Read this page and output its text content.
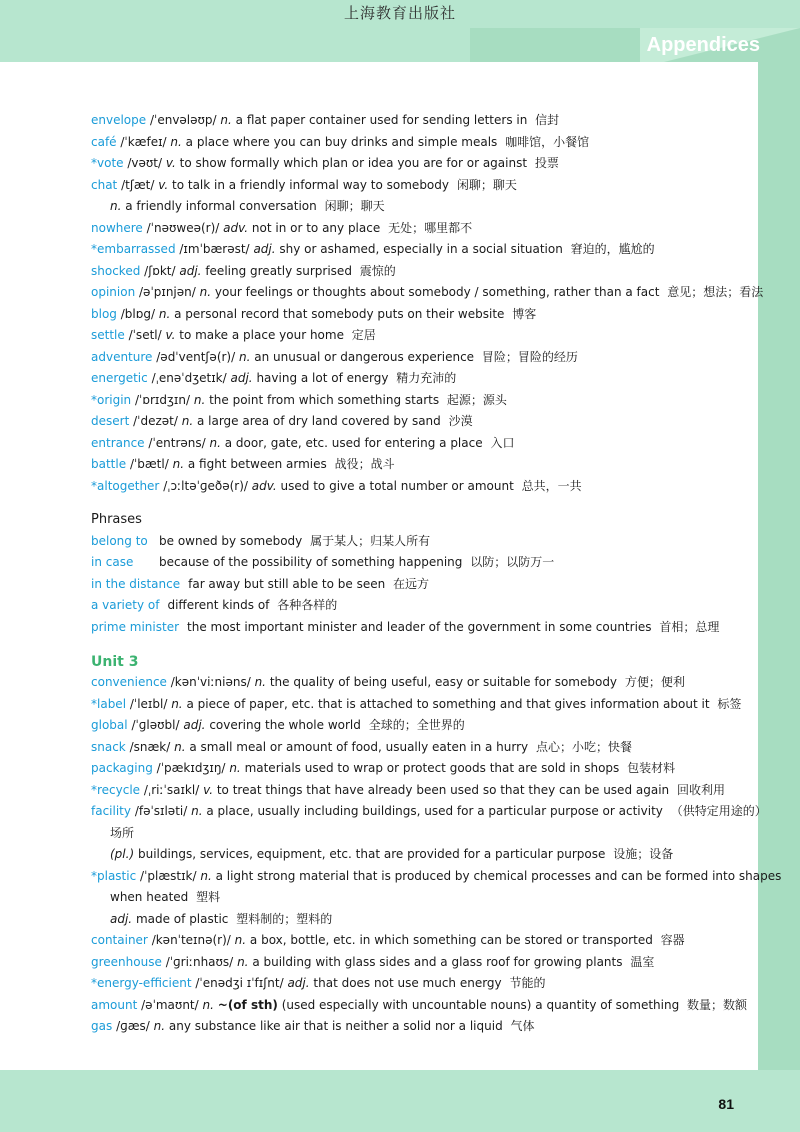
上海教育出版社
Appendices
envelope /ˈenvələʊp/ n. a flat paper container used for sending letters in 信封
café /ˈkæfeɪ/ n. a place where you can buy drinks and simple meals 咖啡馆，小餐馆
*vote /vəʊt/ v. to show formally which plan or idea you are for or against 投票
chat /tʃæt/ v. to talk in a friendly informal way to somebody 闲聊；聊天
n. a friendly informal conversation 闲聊；聊天
nowhere /ˈnəʊweə(r)/ adv. not in or to any place 无处；哪里都不
*embarrassed /ɪmˈbærəst/ adj. shy or ashamed, especially in a social situation 窘迫的，尴尬的
shocked /ʃɒkt/ adj. feeling greatly surprised 震惊的
opinion /əˈpɪnjən/ n. your feelings or thoughts about somebody / something, rather than a fact 意见；想法；看法
blog /blɒg/ n. a personal record that somebody puts on their website 博客
settle /ˈsetl/ v. to make a place your home 定居
adventure /ədˈventʃə(r)/ n. an unusual or dangerous experience 冒险；冒险的经历
energetic /ˌenəˈdʒetɪk/ adj. having a lot of energy 精力充沛的
*origin /ˈɒrɪdʒɪn/ n. the point from which something starts 起源；源头
desert /ˈdezət/ n. a large area of dry land covered by sand 沙漠
entrance /ˈentrəns/ n. a door, gate, etc. used for entering a place 入口
battle /ˈbætl/ n. a fight between armies 战役；战斗
*altogether /ˌɔːltəˈɡeðə(r)/ adv. used to give a total number or amount 总共，一共
Phrases
belong to be owned by somebody 属于某人；归某人所有
in case because of the possibility of something happening 以防；以防万一
in the distance far away but still able to be seen 在远方
a variety of different kinds of 各种各样的
prime minister the most important minister and leader of the government in some countries 首相；总理
Unit 3
convenience /kənˈviːniəns/ n. the quality of being useful, easy or suitable for somebody 方便；便利
*label /ˈleɪbl/ n. a piece of paper, etc. that is attached to something and that gives information about it 标签
global /ˈɡləʊbl/ adj. covering the whole world 全球的；全世界的
snack /snæk/ n. a small meal or amount of food, usually eaten in a hurry 点心；小吃；快餐
packaging /ˈpækɪdʒɪŋ/ n. materials used to wrap or protect goods that are sold in shops 包装材料
*recycle /ˌriːˈsaɪkl/ v. to treat things that have already been used so that they can be used again 回收利用
facility /fəˈsɪləti/ n. a place, usually including buildings, used for a particular purpose or activity （供特定用途的）
场所
(pl.) buildings, services, equipment, etc. that are provided for a particular purpose 设施；设备
*plastic /ˈplæstɪk/ n. a light strong material that is produced by chemical processes and can be formed into shapes
when heated 塑料
adj. made of plastic 塑料制的；塑料的
container /kənˈteɪnə(r)/ n. a box, bottle, etc. in which something can be stored or transported 容器
greenhouse /ˈɡriːnhaʊs/ n. a building with glass sides and a glass roof for growing plants 温室
*energy-efficient /ˈenədʒi ɪˈfɪʃnt/ adj. that does not use much energy 节能的
amount /əˈmaʊnt/ n. ~(of sth) (used especially with uncountable nouns) a quantity of something 数量；数额
gas /ɡæs/ n. any substance like air that is neither a solid nor a liquid 气体
81
